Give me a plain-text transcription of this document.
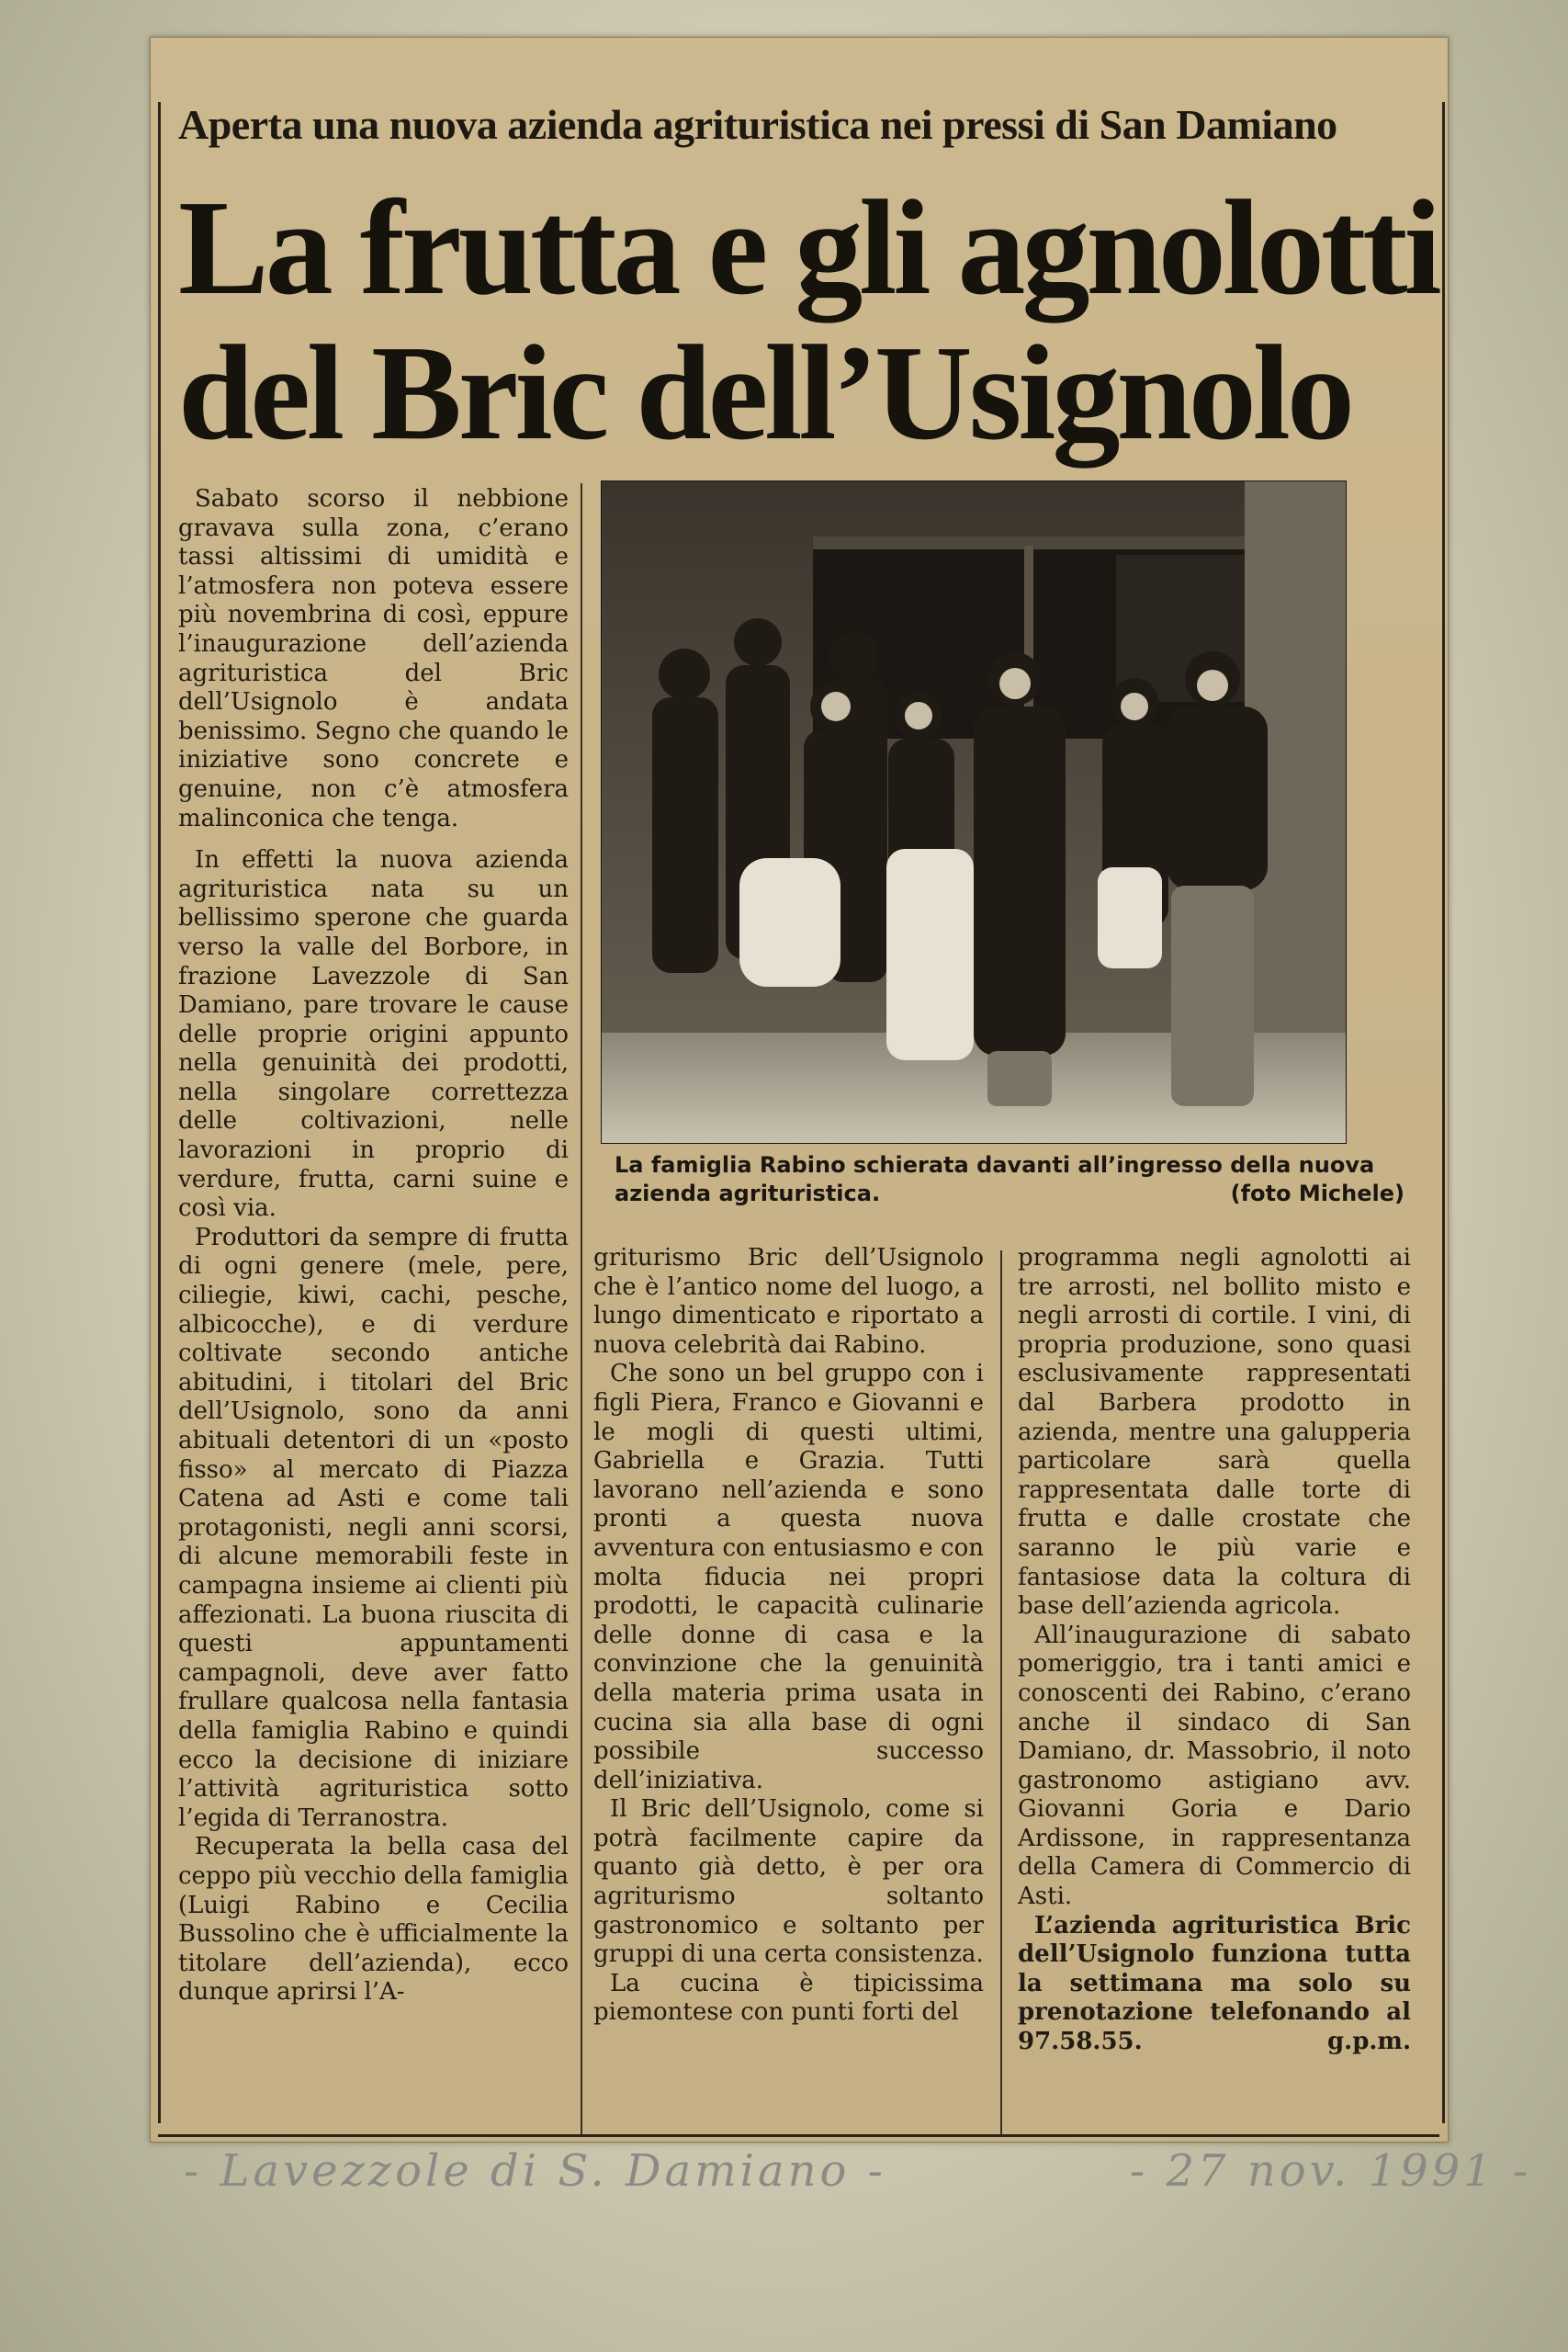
Aperta una nuova azienda agrituristica nei pressi di San Damiano
La frutta e gli agnolotti
del Bric dell’Usignolo

Sabato scorso il nebbione gravava sulla zona, c’erano tassi altissimi di umidità e l’atmosfera non poteva essere più novembrina di così, eppure l’inaugurazione dell’azienda agrituristica del Bric dell’Usignolo è andata benissimo. Segno che quando le iniziative sono concrete e genuine, non c’è atmosfera malinconica che tenga.

In effetti la nuova azienda agrituristica nata su un bellissimo sperone che guarda verso la valle del Borbore, in frazione Lavezzole di San Damiano, pare trovare le cause delle proprie origini appunto nella genuinità dei prodotti, nella singolare correttezza delle coltivazioni, nelle lavorazioni in proprio di verdure, frutta, carni suine e così via.

Produttori da sempre di frutta di ogni genere (mele, pere, ciliegie, kiwi, cachi, pesche, albicocche), e di verdure coltivate secondo antiche abitudini, i titolari del Bric dell’Usignolo, sono da anni abituali detentori di un «posto fisso» al mercato di Piazza Catena ad Asti e come tali protagonisti, negli anni scorsi, di alcune memorabili feste in campagna insieme ai clienti più affezionati. La buona riuscita di questi appuntamenti campagnoli, deve aver fatto frullare qualcosa nella fantasia della famiglia Rabino e quindi ecco la decisione di iniziare l’attività agrituristica sotto l’egida di Terranostra.

Recuperata la bella casa del ceppo più vecchio della famiglia (Luigi Rabino e Cecilia Bussolino che è ufficialmente la titolare dell’azienda), ecco dunque aprirsi l’A-

La famiglia Rabino schierata davanti all’ingresso della nuova azienda agrituristica.	(foto Michele)

griturismo Bric dell’Usignolo che è l’antico nome del luogo, a lungo dimenticato e riportato a nuova celebrità dai Rabino.

Che sono un bel gruppo con i figli Piera, Franco e Giovanni e le mogli di questi ultimi, Gabriella e Grazia. Tutti lavorano nell’azienda e sono pronti a questa nuova avventura con entusiasmo e con molta fiducia nei propri prodotti, le capacità culinarie delle donne di casa e la convinzione che la genuinità della materia prima usata in cucina sia alla base di ogni possibile successo dell’iniziativa.

Il Bric dell’Usignolo, come si potrà facilmente capire da quanto già detto, è per ora agriturismo soltanto gastronomico e soltanto per gruppi di una certa consistenza.

La cucina è tipicissima piemontese con punti forti del

programma negli agnolotti ai tre arrosti, nel bollito misto e negli arrosti di cortile. I vini, di propria produzione, sono quasi esclusivamente rappresentati dal Barbera prodotto in azienda, mentre una galupperia particolare sarà quella rappresentata dalle torte di frutta e dalle crostate che saranno le più varie e fantasiose data la coltura di base dell’azienda agricola.

All’inaugurazione di sabato pomeriggio, tra i tanti amici e conoscenti dei Rabino, c’erano anche il sindaco di San Damiano, dr. Massobrio, il noto gastronomo astigiano avv. Giovanni Goria e Dario Ardissone, in rappresentanza della Camera di Commercio di Asti.

L’azienda agrituristica Bric dell’Usignolo funziona tutta la settimana ma solo su prenotazione telefonando al 97.58.55.	g.p.m.

- Lavezzole di S. Damiano -	- 27 nov. 1991 -
